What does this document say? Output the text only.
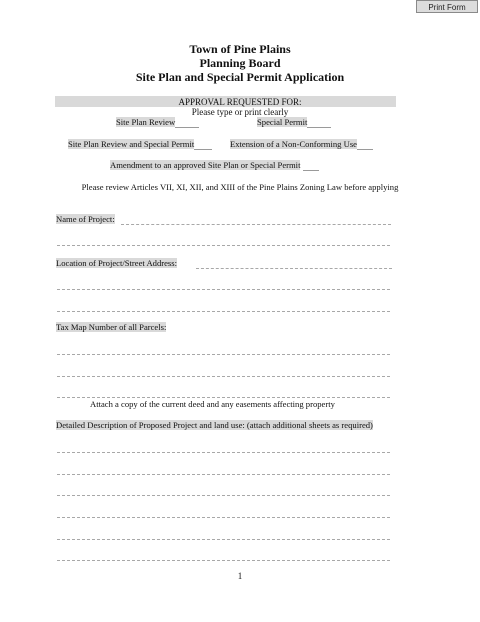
Print Form
Town of Pine Plains
Planning Board
Site Plan and Special Permit Application
APPROVAL REQUESTED FOR:
Please type or print clearly
Site Plan Review	Special Permit
Site Plan Review and Special Permit	Extension of a Non-Conforming Use
Amendment to an approved Site Plan or Special Permit
Please review Articles VII, XI, XII, and XIII of the Pine Plains Zoning Law before applying
Name of Project:
Location of Project/Street Address:
Tax Map Number of all Parcels:
Attach a copy of the current deed and any easements affecting property
Detailed Description of Proposed Project and land use: (attach additional sheets as required)
1
